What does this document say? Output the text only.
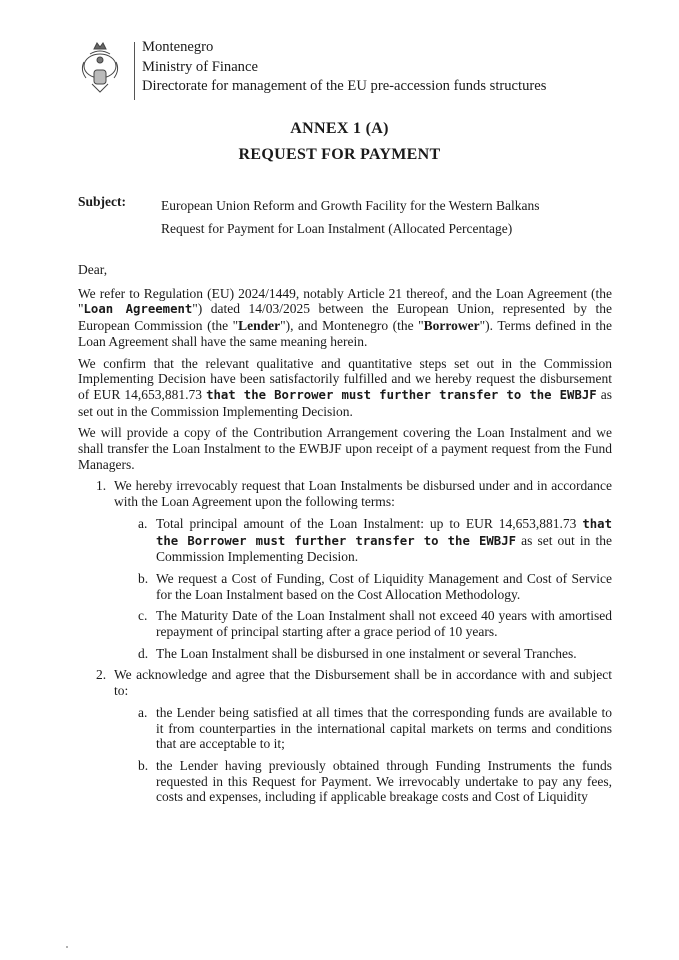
Montenegro
Ministry of Finance
Directorate for management of the EU pre-accession funds structures
ANNEX 1 (A)
REQUEST FOR PAYMENT
Subject:	European Union Reform and Growth Facility for the Western Balkans
Request for Payment for Loan Instalment (Allocated Percentage)

Dear,

We refer to Regulation (EU) 2024/1449, notably Article 21 thereof, and the Loan Agreement (the "Loan Agreement") dated 14/03/2025 between the European Union, represented by the European Commission (the "Lender"), and Montenegro (the "Borrower"). Terms defined in the Loan Agreement shall have the same meaning herein.

We confirm that the relevant qualitative and quantitative steps set out in the Commission Implementing Decision have been satisfactorily fulfilled and we hereby request the disbursement of EUR 14,653,881.73 that the Borrower must further transfer to the EWBJF as set out in the Commission Implementing Decision.

We will provide a copy of the Contribution Arrangement covering the Loan Instalment and we shall transfer the Loan Instalment to the EWBJF upon receipt of a payment request from the Fund Managers.

1. We hereby irrevocably request that Loan Instalments be disbursed under and in accordance with the Loan Agreement upon the following terms:
a. Total principal amount of the Loan Instalment: up to EUR 14,653,881.73 that the Borrower must further transfer to the EWBJF as set out in the Commission Implementing Decision.
b. We request a Cost of Funding, Cost of Liquidity Management and Cost of Service for the Loan Instalment based on the Cost Allocation Methodology.
c. The Maturity Date of the Loan Instalment shall not exceed 40 years with amortised repayment of principal starting after a grace period of 10 years.
d. The Loan Instalment shall be disbursed in one instalment or several Tranches.
2. We acknowledge and agree that the Disbursement shall be in accordance with and subject to:
a. the Lender being satisfied at all times that the corresponding funds are available to it from counterparties in the international capital markets on terms and conditions that are acceptable to it;
b. the Lender having previously obtained through Funding Instruments the funds requested in this Request for Payment. We irrevocably undertake to pay any fees, costs and expenses, including if applicable breakage costs and Cost of Liquidity
